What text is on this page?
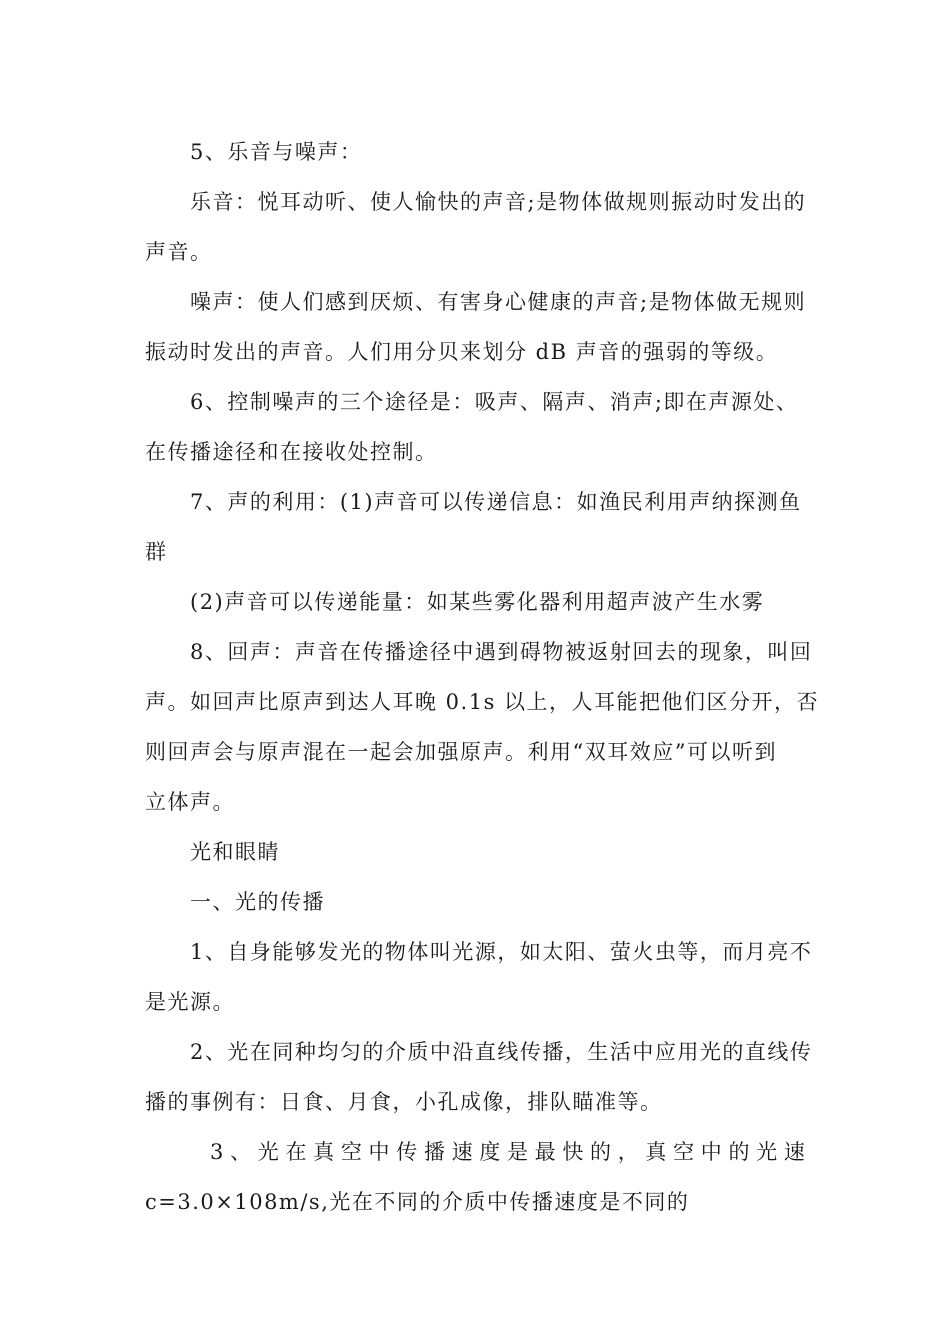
5、乐音与噪声：
乐音：悦耳动听、使人愉快的声音;是物体做规则振动时发出的
声音。
噪声：使人们感到厌烦、有害身心健康的声音;是物体做无规则
振动时发出的声音。人们用分贝来划分 dB 声音的强弱的等级。
6、控制噪声的三个途径是：吸声、隔声、消声;即在声源处、
在传播途径和在接收处控制。
7、声的利用：(1)声音可以传递信息：如渔民利用声纳探测鱼
群
(2)声音可以传递能量：如某些雾化器利用超声波产生水雾
8、回声：声音在传播途径中遇到碍物被返射回去的现象，叫回
声。如回声比原声到达人耳晚 0.1s 以上，人耳能把他们区分开，否
则回声会与原声混在一起会加强原声。利用“双耳效应”可以听到
立体声。
光和眼睛
一、光的传播
1、自身能够发光的物体叫光源，如太阳、萤火虫等，而月亮不
是光源。
2、光在同种均匀的介质中沿直线传播，生活中应用光的直线传
播的事例有：日食、月食，小孔成像，排队瞄准等。
3 、 光 在 真 空 中 传 播 速 度 是 最 快 的 ， 真 空 中 的 光 速
c=3.0×108m/s,光在不同的介质中传播速度是不同的
